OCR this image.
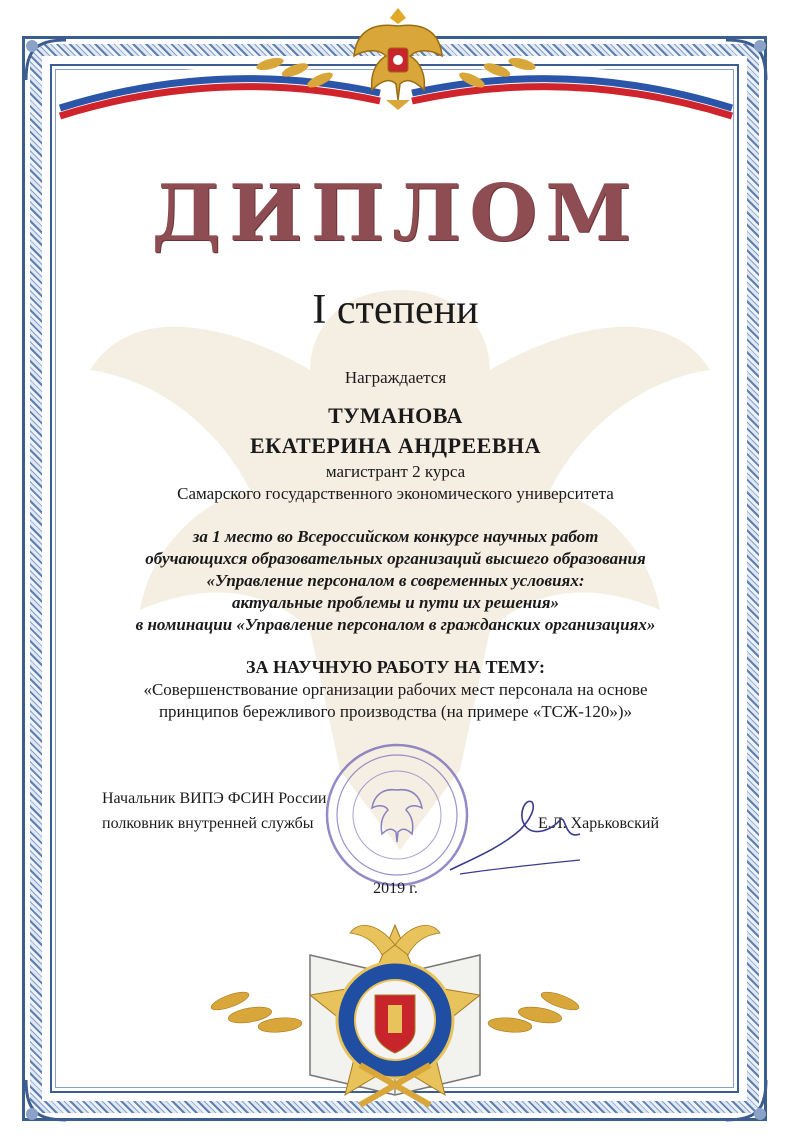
ДИПЛОМ
I степени
Награждается
ТУМАНОВА
ЕКАТЕРИНА АНДРЕЕВНА
магистрант 2 курса
Самарского государственного экономического университета
за 1 место во Всероссийском конкурсе научных работ
обучающихся образовательных организаций высшего образования
«Управление персоналом в современных условиях:
актуальные проблемы и пути их решения»
в номинации «Управление персоналом в гражданских организациях»
ЗА НАУЧНУЮ РАБОТУ НА ТЕМУ:
«Совершенствование организации рабочих мест персонала на основе
принципов бережливого производства (на примере «ТСЖ-120»)»
Начальник ВИПЭ ФСИН России
полковник внутренней службы	Е.Л. Харьковский
2019 г.
